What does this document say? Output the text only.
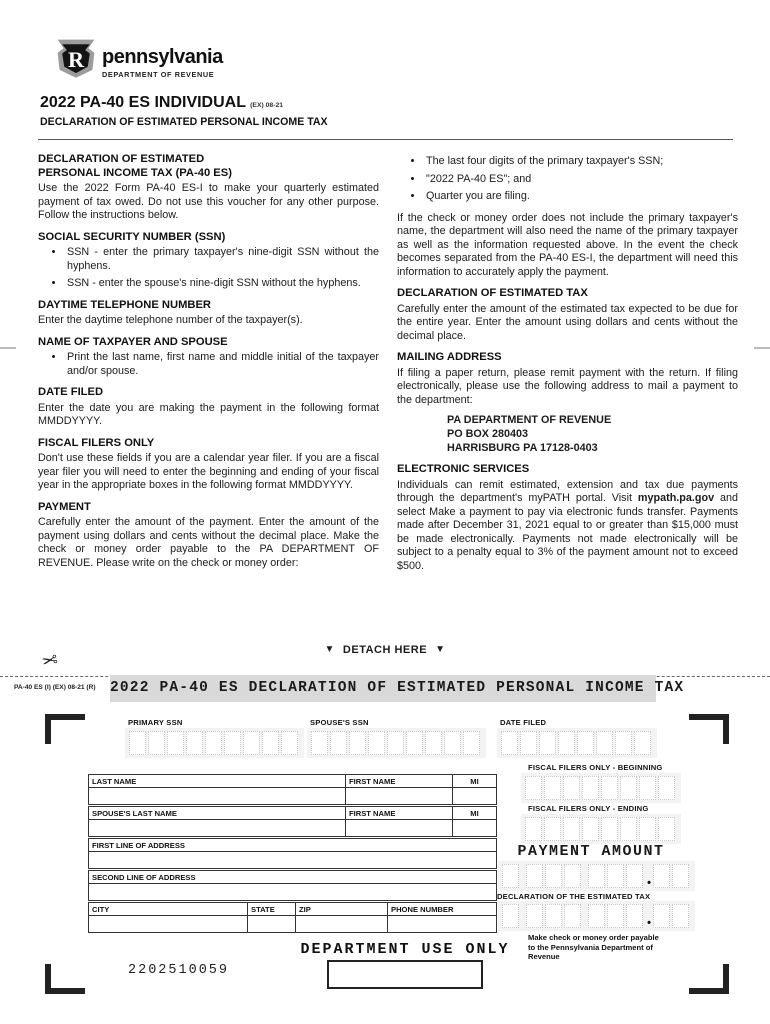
R pennsylvania
DEPARTMENT OF REVENUE
2022 PA-40 ES INDIVIDUAL (EX) 08-21
DECLARATION OF ESTIMATED PERSONAL INCOME TAX
DECLARATION OF ESTIMATED
PERSONAL INCOME TAX (PA-40 ES)

Use the 2022 Form PA-40 ES-I to make your quarterly estimated payment of tax owed. Do not use this voucher for any other purpose. Follow the instructions below.

SOCIAL SECURITY NUMBER (SSN)
• SSN - enter the primary taxpayer's nine-digit SSN without the hyphens.
• SSN - enter the spouse's nine-digit SSN without the hyphens.
DAYTIME TELEPHONE NUMBER

Enter the daytime telephone number of the taxpayer(s).

NAME OF TAXPAYER AND SPOUSE
• Print the last name, first name and middle initial of the taxpayer and/or spouse.
DATE FILED

Enter the date you are making the payment in the following format MMDDYYYY.

FISCAL FILERS ONLY

Don't use these fields if you are a calendar year filer. If you are a fiscal year filer you will need to enter the beginning and ending of your fiscal year in the appropriate boxes in the following format MMDDYYYY.

PAYMENT

Carefully enter the amount of the payment. Enter the amount of the payment using dollars and cents without the decimal place. Make the check or money order payable to the PA DEPARTMENT OF REVENUE. Please write on the check or money order:

• The last four digits of the primary taxpayer's SSN;
• "2022 PA-40 ES"; and
• Quarter you are filing.

If the check or money order does not include the primary taxpayer's name, the department will also need the name of the primary taxpayer as well as the information requested above. In the event the check becomes separated from the PA-40 ES-I, the department will need this information to accurately apply the payment.

DECLARATION OF ESTIMATED TAX

Carefully enter the amount of the estimated tax expected to be due for the entire year. Enter the amount using dollars and cents without the decimal place.

MAILING ADDRESS

If filing a paper return, please remit payment with the return. If filing electronically, please use the following address to mail a payment to the department:

PA DEPARTMENT OF REVENUE
PO BOX 280403
HARRISBURG PA 17128-0403
ELECTRONIC SERVICES

Individuals can remit estimated, extension and tax due payments through the department's myPATH portal. Visit mypath.pa.gov and select Make a payment to pay via electronic funds transfer. Payments made after December 31, 2021 equal to or greater than $15,000 must be made electronically. Payments not made electronically will be subject to a penalty equal to 3% of the payment amount not to exceed $500.

▼ DETACH HERE ▼
✂
PA-40 ES (I) (EX) 08-21 (R) 2022 PA-40 ES DECLARATION OF ESTIMATED PERSONAL INCOME TAX
PRIMARY SSN	SPOUSE'S SSN	DATE FILED
LAST NAME	FIRST NAME	MI
SPOUSE'S LAST NAME	FIRST NAME	MI
FIRST LINE OF ADDRESS
SECOND LINE OF ADDRESS
CITY	STATE	ZIP	PHONE NUMBER
FISCAL FILERS ONLY - BEGINNING
FISCAL FILERS ONLY - ENDING
PAYMENT AMOUNT
,	,	•
DECLARATION OF THE ESTIMATED TAX
,	,	•
Make check or money order payable to the Pennsylvania Department of Revenue
DEPARTMENT USE ONLY
2202510059
